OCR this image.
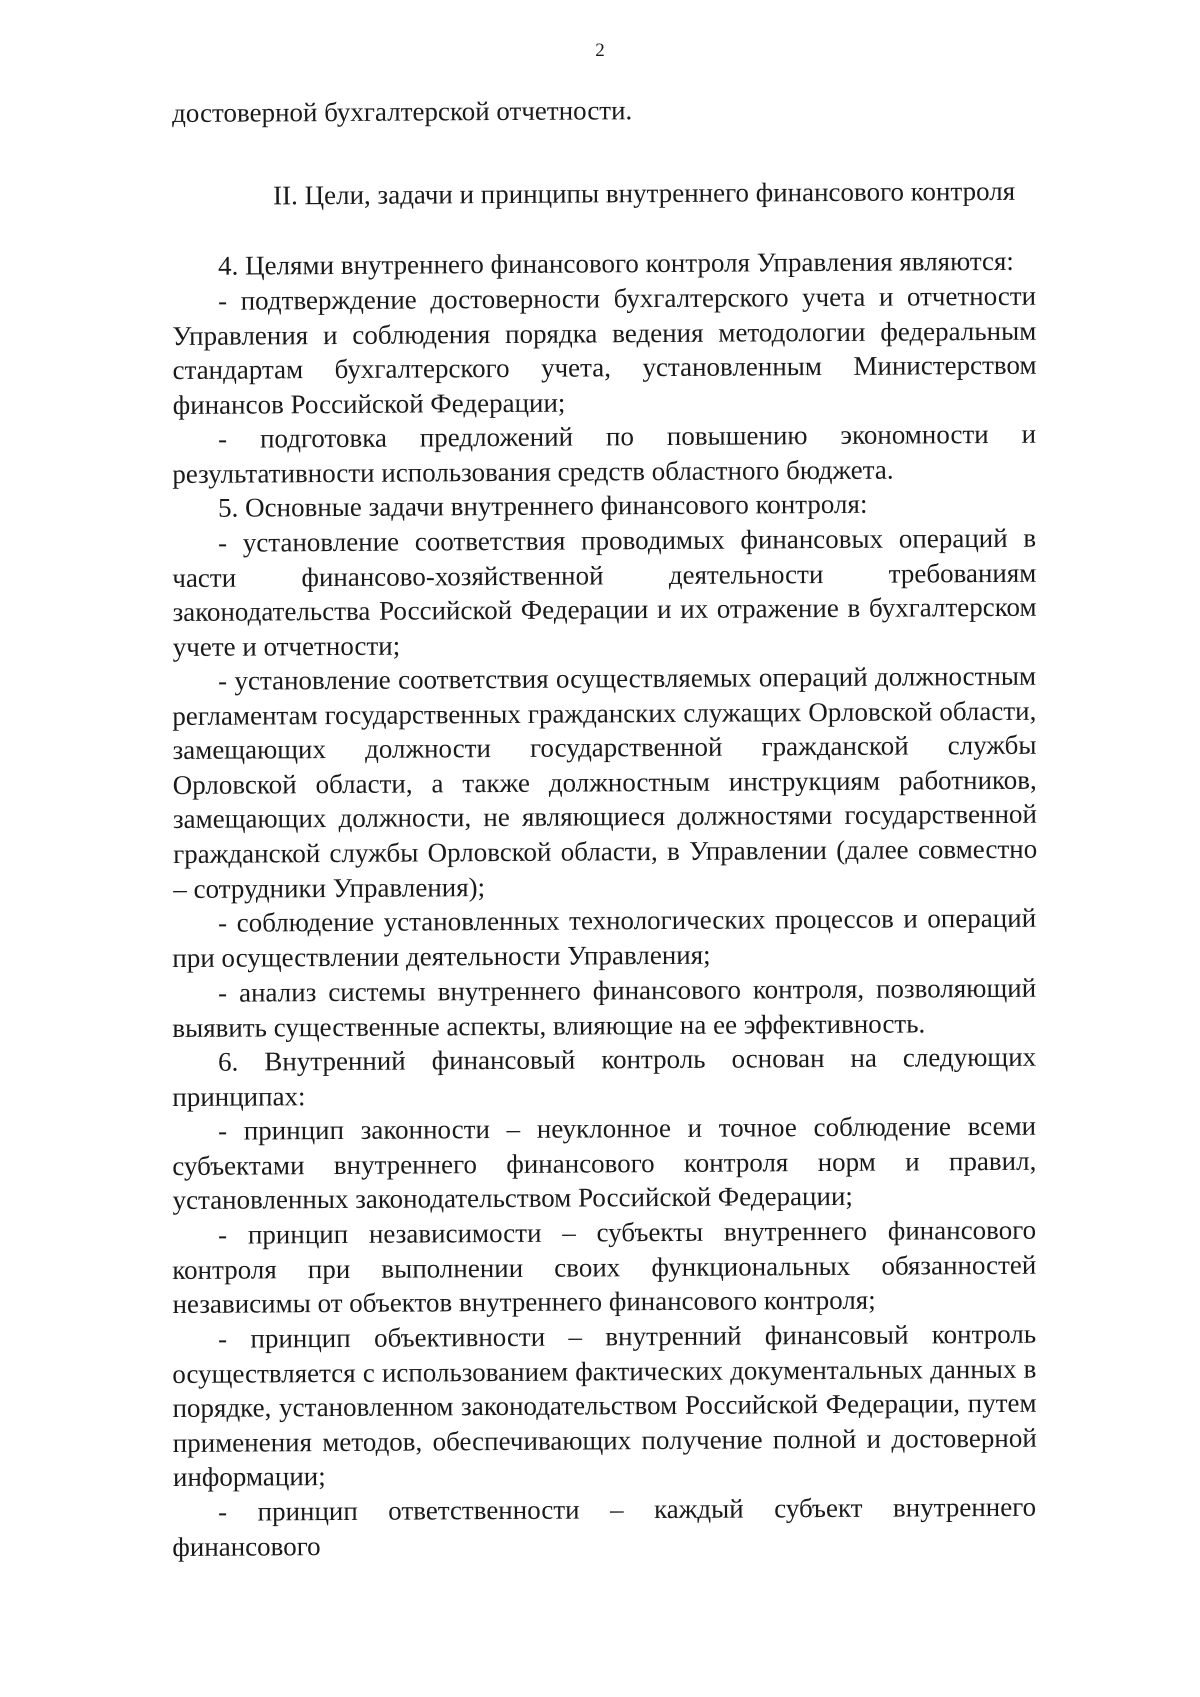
2

достоверной бухгалтерской отчетности.

II. Цели, задачи и принципы внутреннего финансового контроля

4. Целями внутреннего финансового контроля Управления являются:

- подтверждение достоверности бухгалтерского учета и отчетности Управления и соблюдения порядка ведения методологии федеральным стандартам бухгалтерского учета, установленным Министерством финансов Российской Федерации;

- подготовка предложений по повышению экономности и результативности использования средств областного бюджета.

5. Основные задачи внутреннего финансового контроля:

- установление соответствия проводимых финансовых операций в части финансово-хозяйственной деятельности требованиям законодательства Российской Федерации и их отражение в бухгалтерском учете и отчетности;

- установление соответствия осуществляемых операций должностным регламентам государственных гражданских служащих Орловской области, замещающих должности государственной гражданской службы Орловской области, а также должностным инструкциям работников, замещающих должности, не являющиеся должностями государственной гражданской службы Орловской области, в Управлении (далее совместно – сотрудники Управления);

- соблюдение установленных технологических процессов и операций при осуществлении деятельности Управления;

- анализ системы внутреннего финансового контроля, позволяющий выявить существенные аспекты, влияющие на ее эффективность.

6. Внутренний финансовый контроль основан на следующих принципах:

- принцип законности – неуклонное и точное соблюдение всеми субъектами внутреннего финансового контроля норм и правил, установленных законодательством Российской Федерации;

- принцип независимости – субъекты внутреннего финансового контроля при выполнении своих функциональных обязанностей независимы от объектов внутреннего финансового контроля;

- принцип объективности – внутренний финансовый контроль осуществляется с использованием фактических документальных данных в порядке, установленном законодательством Российской Федерации, путем применения методов, обеспечивающих получение полной и достоверной информации;

- принцип ответственности – каждый субъект внутреннего финансового
